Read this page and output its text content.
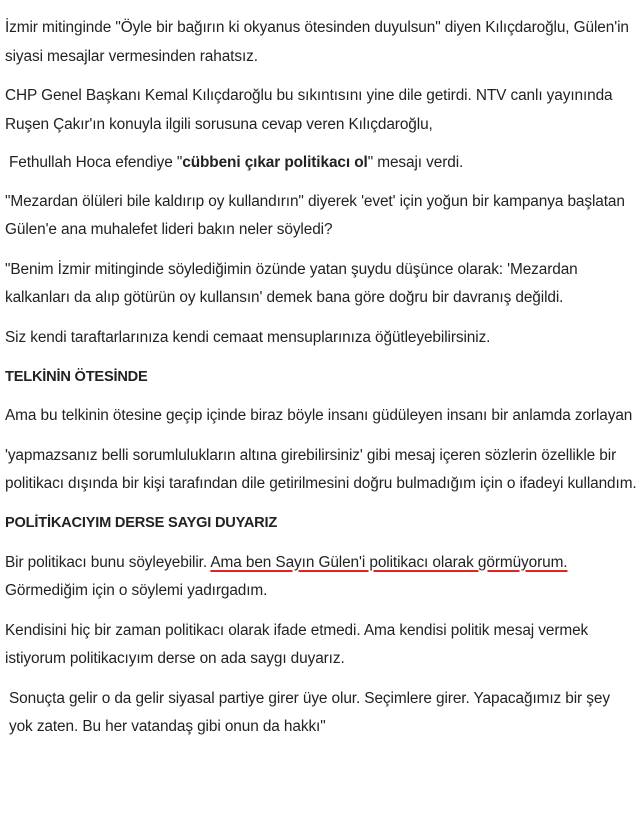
İzmir mitinginde "Öyle bir bağırın ki okyanus ötesinden duyulsun" diyen Kılıçdaroğlu, Gülen'in siyasi mesajlar vermesinden rahatsız.

CHP Genel Başkanı Kemal Kılıçdaroğlu bu sıkıntısını yine dile getirdi. NTV canlı yayınında Ruşen Çakır'ın konuyla ilgili sorusuna cevap veren Kılıçdaroğlu,

Fethullah Hoca efendiye "cübbeni çıkar politikacı ol" mesajı verdi.

"Mezardan ölüleri bile kaldırıp oy kullandırın" diyerek 'evet' için yoğun bir kampanya başlatan Gülen'e ana muhalefet lideri bakın neler söyledi?

"Benim İzmir mitinginde söylediğimin özünde yatan şuydu düşünce olarak: 'Mezardan kalkanları da alıp götürün oy kullansın' demek bana göre doğru bir davranış değildi.

Siz kendi taraftarlarınıza kendi cemaat mensuplarınıza öğütleyebilirsiniz.

TELKİNİN ÖTESİNDE

Ama bu telkinin ötesine geçip içinde biraz böyle insanı güdüleyen insanı bir anlamda zorlayan

'yapmazsanız belli sorumlulukların altına girebilirsiniz' gibi mesaj içeren sözlerin özellikle bir politikacı dışında bir kişi tarafından dile getirilmesini doğru bulmadığım için o ifadeyi kullandım.

POLİTİKACIYIM DERSE SAYGI DUYARIZ

Bir politikacı bunu söyleyebilir. Ama ben Sayın Gülen'i politikacı olarak görmüyorum. Görmediğim için o söylemi yadırgadım.

Kendisini hiç bir zaman politikacı olarak ifade etmedi. Ama kendisi politik mesaj vermek istiyorum politikacıyım derse on ada saygı duyarız.

Sonuçta gelir o da gelir siyasal partiye girer üye olur. Seçimlere girer. Yapacağımız bir şey yok zaten. Bu her vatandaş gibi onun da hakkı"
